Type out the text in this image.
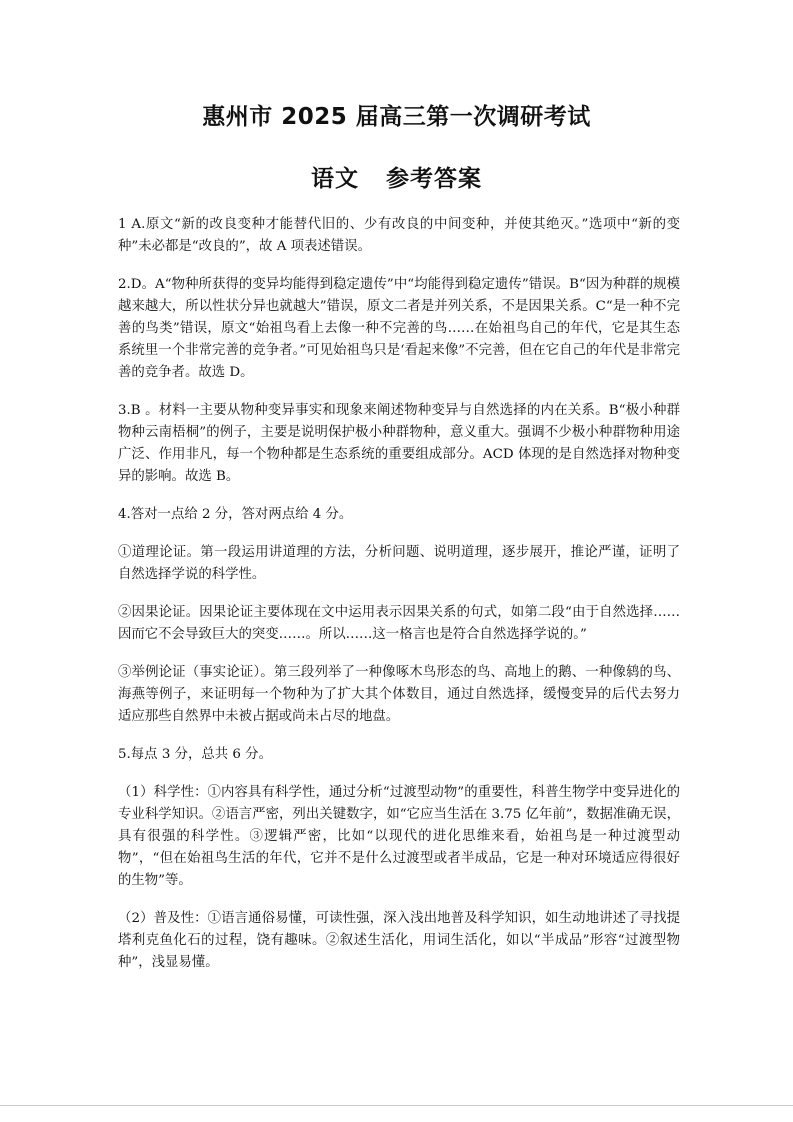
惠州市 2025 届高三第一次调研考试
语文 参考答案

1 A.原文“新的改良变种才能替代旧的、少有改良的中间变种，并使其绝灭。”选项中“新的变种”未必都是“改良的”，故 A 项表述错误。

2.D。A“物种所获得的变异均能得到稳定遗传”中“均能得到稳定遗传”错误。B“因为种群的规模越来越大，所以性状分异也就越大”错误，原文二者是并列关系，不是因果关系。C“是一种不完善的鸟类”错误，原文“始祖鸟看上去像一种不完善的鸟……在始祖鸟自己的年代，它是其生态系统里一个非常完善的竞争者。”可见始祖鸟只是‘看起来像”不完善，但在它自己的年代是非常完善的竞争者。故选 D。

3.B 。材料一主要从物种变异事实和现象来阐述物种变异与自然选择的内在关系。B“极小种群物种云南梧桐”的例子，主要是说明保护极小种群物种，意义重大。强调不少极小种群物种用途广泛、作用非凡，每一个物种都是生态系统的重要组成部分。ACD 体现的是自然选择对物种变异的影响。故选 B。

4.答对一点给 2 分，答对两点给 4 分。

①道理论证。第一段运用讲道理的方法，分析问题、说明道理，逐步展开，推论严谨，证明了自然选择学说的科学性。

②因果论证。因果论证主要体现在文中运用表示因果关系的句式，如第二段“由于自然选择……因而它不会导致巨大的突变……。所以……这一格言也是符合自然选择学说的。”

③举例论证（事实论证）。第三段列举了一种像啄木鸟形态的鸟、高地上的鹅、一种像鸫的鸟、海燕等例子，来证明每一个物种为了扩大其个体数目，通过自然选择，缓慢变异的后代去努力适应那些自然界中未被占据或尚未占尽的地盘。

5.每点 3 分，总共 6 分。

（1）科学性：①内容具有科学性，通过分析“过渡型动物”的重要性，科普生物学中变异进化的专业科学知识。②语言严密，列出关键数字，如“它应当生活在 3.75 亿年前”，数据准确无误，具有很强的科学性。③逻辑严密，比如“以现代的进化思维来看，始祖鸟是一种过渡型动物”，“但在始祖鸟生活的年代，它并不是什么过渡型或者半成品，它是一种对环境适应得很好的生物”等。

（2）普及性：①语言通俗易懂，可读性强，深入浅出地普及科学知识，如生动地讲述了寻找提塔利克鱼化石的过程，饶有趣味。②叙述生活化，用词生活化，如以“半成品”形容“过渡型物种”，浅显易懂。
